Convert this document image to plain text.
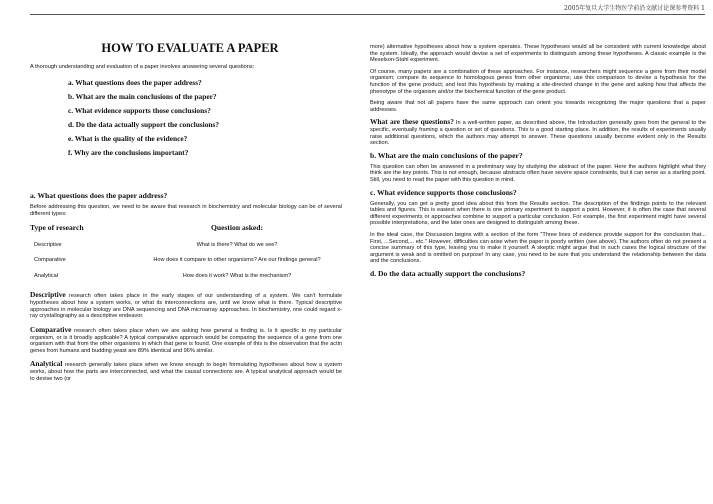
2005年复旦大学生物医学前沿文献讨论课参考资料 1
HOW TO EVALUATE A PAPER

A thorough understanding and evaluation of a paper involves answering several questions:

a. What questions does the paper address?
b. What are the main conclusions of the paper?
c. What evidence supports those conclusions?
d. Do the data actually support the conclusions?
e. What is the quality of the evidence?
f. Why are the conclusions important?
a. What questions does the paper address?

Before addressing this question, we need to be aware that research in biochemistry and molecular biology can be of several different types:

Type of research	Question asked:
Descriptive	What is there? What do we see?
Comparative	How does it compare to other organisms? Are our findings general?
Analytical	How does it work? What is the mechanism?

Descriptive research often takes place in the early stages of our understanding of a system. We can't formulate hypotheses about how a system works, or what its interconnections are, until we know what is there. Typical descriptive approaches in molecular biology are DNA sequencing and DNA microarray approaches. In biochemistry, one could regard x-ray crystallography as a descriptive endeavor.

Comparative research often takes place when we are asking how general a finding is. Is it specific to my particular organism, or is it broadly applicable? A typical comparative approach would be comparing the sequence of a gene from one organism with that from the other organisms in which that gene is found. One example of this is the observation that the actin genes from humans and budding yeast are 89% identical and 96% similar.

Analytical research generally takes place when we know enough to begin formulating hypotheses about how a system works, about how the parts are interconnected, and what the causal connections are. A typical analytical approach would be to devise two (or

more) alternative hypotheses about how a system operates. These hypotheses would all be consistent with current knowledge about the system. Ideally, the approach would devise a set of experiments to distinguish among these hypotheses. A classic example is the Meselson-Stahl experiment.

Of course, many papers are a combination of these approaches. For instance, researchers might sequence a gene from their model organism; compare its sequence to homologous genes from other organisms; use this comparison to devise a hypothesis for the function of the gene product; and test this hypothesis by making a site-directed change in the gene and asking how that affects the phenotype of the organism and/or the biochemical function of the gene product.

Being aware that not all papers have the same approach can orient you towards recognizing the major questions that a paper addresses.

What are these questions? In a well-written paper, as described above, the Introduction generally goes from the general to the specific, eventually framing a question or set of questions. This is a good starting place. In addition, the results of experiments usually raise additional questions, which the authors may attempt to answer. These questions usually become evident only in the Results section.

b. What are the main conclusions of the paper?

This question can often be answered in a preliminary way by studying the abstract of the paper. Here the authors highlight what they think are the key points. This is not enough, because abstracts often have severe space constraints, but it can serve as a starting point. Still, you need to read the paper with this question in mind.

c. What evidence supports those conclusions?

Generally, you can get a pretty good idea about this from the Results section. The description of the findings points to the relevant tables and figures. This is easiest when there is one primary experiment to support a point. However, it is often the case that several different experiments or approaches combine to support a particular conclusion. For example, the first experiment might have several possible interpretations, and the later ones are designed to distinguish among these.

In the ideal case, the Discussion begins with a section of the form "Three lines of evidence provide support for the conclusion that... First, ...Second,... etc." However, difficulties can arise when the paper is poorly written (see above). The authors often do not present a concise summary of this type, leaving you to make it yourself. A skeptic might argue that in such cases the logical structure of the argument is weak and is omitted on purpose! In any case, you need to be sure that you understand the relationship between the data and the conclusions.

d. Do the data actually support the conclusions?
